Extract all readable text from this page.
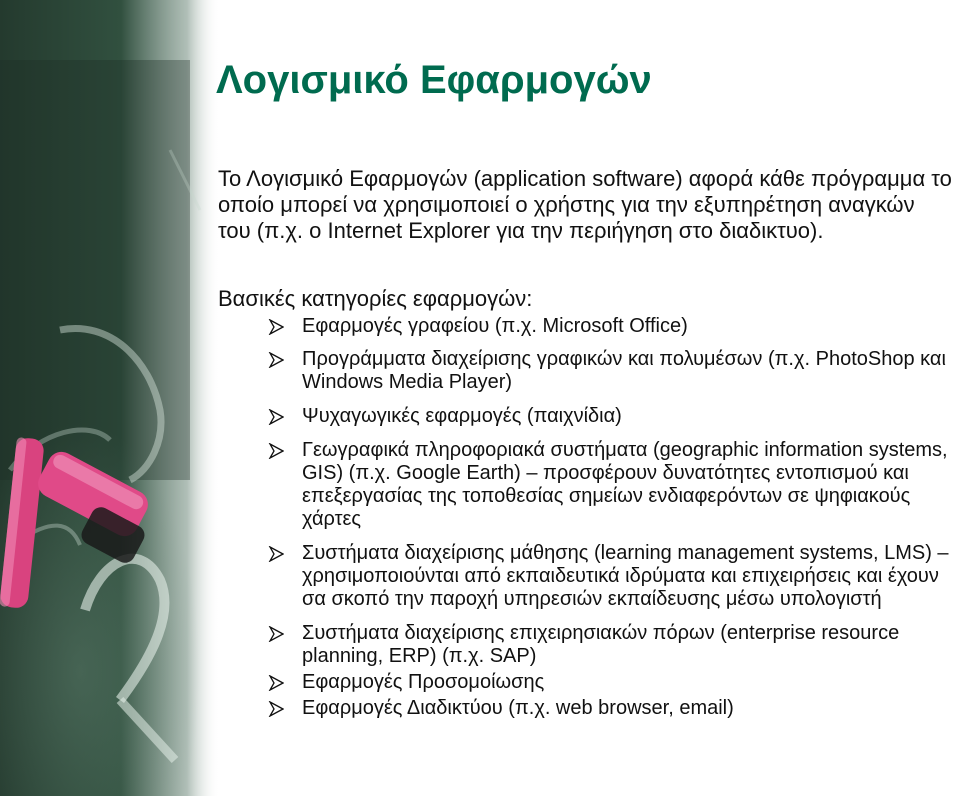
Λογισμικό Εφαρμογών

Το Λογισμικό Εφαρμογών (application software) αφορά κάθε πρόγραμμα το οποίο μπορεί να χρησιμοποιεί ο χρήστης για την εξυπηρέτηση αναγκών του (π.χ. ο Internet Explorer για την περιήγηση στο διαδικτυο).

Βασικές κατηγορίες εφαρμογών:

Εφαρμογές γραφείου (π.χ. Microsoft Office)
Προγράμματα διαχείρισης γραφικών και πολυμέσων (π.χ. PhotoShop και Windows Media Player)
Ψυχαγωγικές εφαρμογές (παιχνίδια)
Γεωγραφικά πληροφοριακά συστήματα (geographic information systems, GIS) (π.χ. Google Earth) – προσφέρουν δυνατότητες εντοπισμού και επεξεργασίας της τοποθεσίας σημείων ενδιαφερόντων σε ψηφιακούς χάρτες
Συστήματα διαχείρισης μάθησης (learning management systems, LMS) – χρησιμοποιούνται από εκπαιδευτικά ιδρύματα και επιχειρήσεις και έχουν σα σκοπό την παροχή υπηρεσιών εκπαίδευσης μέσω υπολογιστή
Συστήματα διαχείρισης επιχειρησιακών πόρων (enterprise resource planning, ERP) (π.χ. SAP)
Εφαρμογές Προσομοίωσης
Εφαρμογές Διαδικτύου (π.χ. web browser, email)
